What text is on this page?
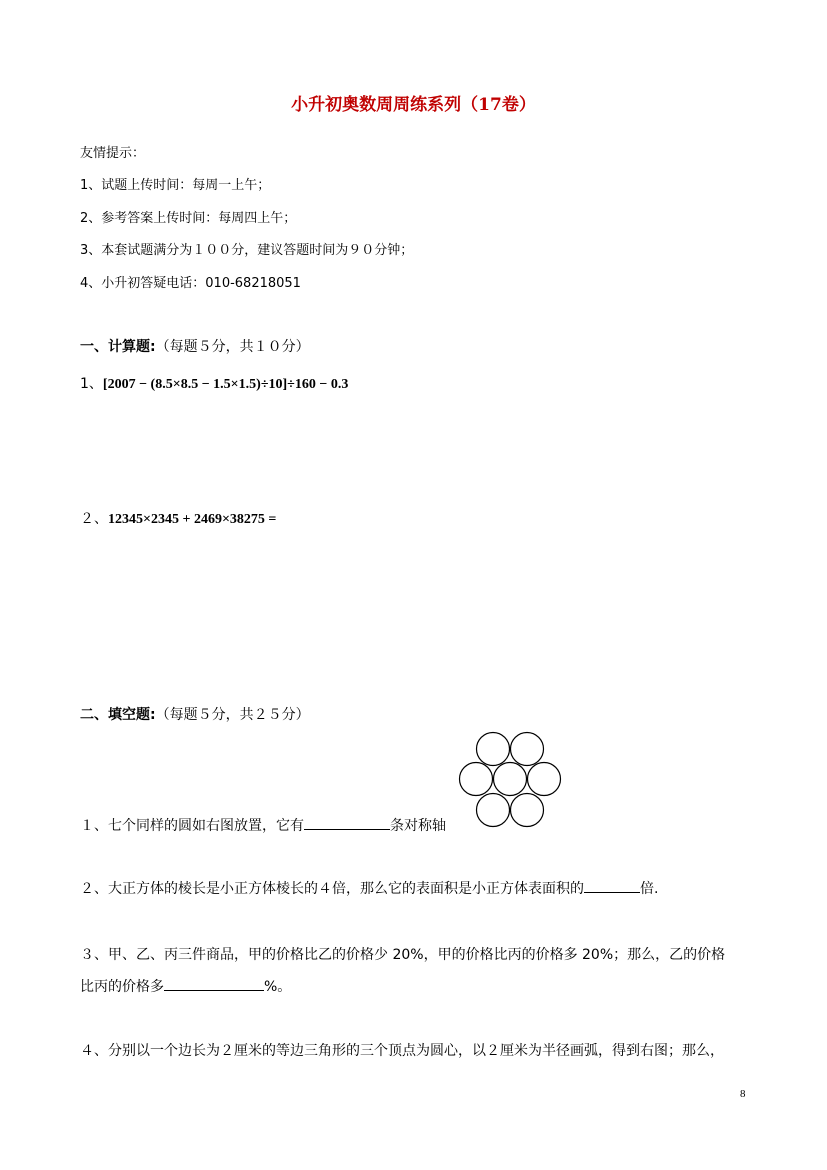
小升初奥数周周练系列（17卷）
友情提示：
1、试题上传时间：每周一上午；
2、参考答案上传时间：每周四上午；
3、本套试题满分为１００分，建议答题时间为９０分钟；
4、小升初答疑电话：010-68218051
一、计算题:（每题５分，共１０分）
1、[2007 − (8.5×8.5 − 1.5×1.5)÷10]÷160 − 0.3
２、12345×2345 + 2469×38275 =
二、填空题:（每题５分，共２５分）
１、七个同样的圆如右图放置，它有	条对称轴
２、大正方体的棱长是小正方体棱长的４倍，那么它的表面积是小正方体表面积的	倍.
３、甲、乙、丙三件商品，甲的价格比乙的价格少 20%，甲的价格比丙的价格多 20%；那么，乙的价格
比丙的价格多	%。
４、分别以一个边长为２厘米的等边三角形的三个顶点为圆心，以２厘米为半径画弧，得到右图；那么，
8
